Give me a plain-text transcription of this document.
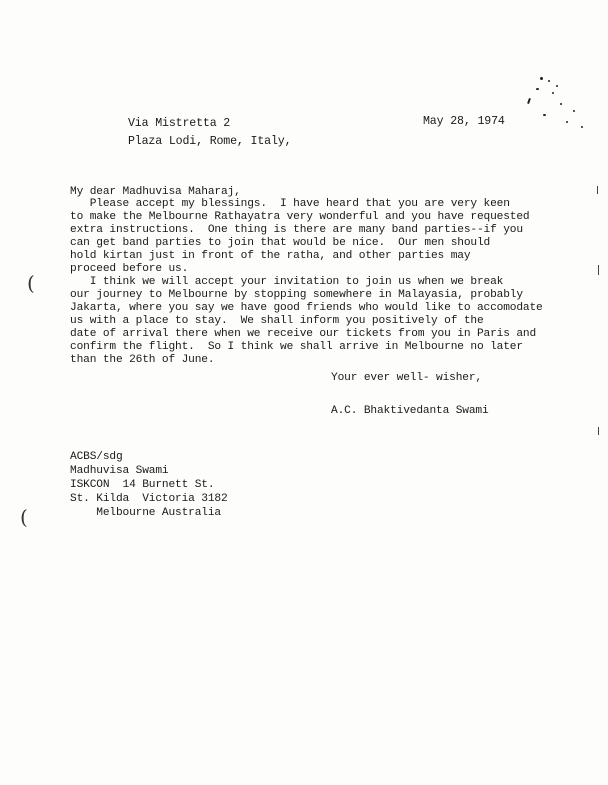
Via Mistretta 2
Plaza Lodi, Rome, Italy,
May 28, 1974
My dear Madhuvisa Maharaj,
Please accept my blessings.  I have heard that you are very keen
to make the Melbourne Rathayatra very wonderful and you have requested
extra instructions.  One thing is there are many band parties--if you
can get band parties to join that would be nice.  Our men should
hold kirtan just in front of the ratha, and other parties may
proceed before us.
I think we will accept your invitation to join us when we break
our journey to Melbourne by stopping somewhere in Malayasia, probably
Jakarta, where you say we have good friends who would like to accomodate
us with a place to stay.  We shall inform you positively of the
date of arrival there when we receive our tickets from you in Paris and
confirm the flight.  So I think we shall arrive in Melbourne no later
than the 26th of June.
Your ever well- wisher,
A.C. Bhaktivedanta Swami
ACBS/sdg
Madhuvisa Swami
ISKCON  14 Burnett St.
St. Kilda  Victoria 3182
Melbourne Australia
(
(
